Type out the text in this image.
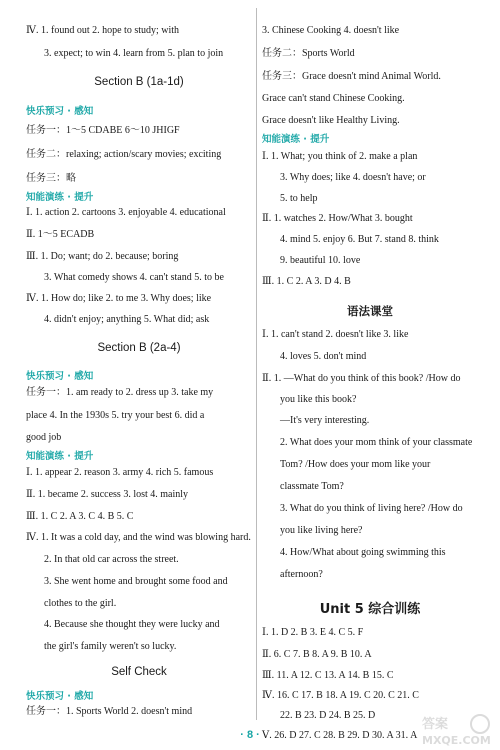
Ⅳ. 1. found out 2. hope to study; with
3. expect; to win 4. learn from 5. plan to join
Section B (1a-1d)
快乐预习 · 感知
任务一：1～5 CDABE 6～10 JHIGF
任务二：relaxing; action/scary movies; exciting
任务三：略
知能演练 · 提升
Ⅰ. 1. action 2. cartoons 3. enjoyable 4. educational
Ⅱ. 1～5 ECADB
Ⅲ. 1. Do; want; do 2. because; boring
3. What comedy shows 4. can't stand 5. to be
Ⅳ. 1. How do; like 2. to me 3. Why does; like
4. didn't enjoy; anything 5. What did; ask
Section B (2a-4)
快乐预习 · 感知
任务一：1. am ready to 2. dress up 3. take my
place 4. In the 1930s 5. try your best 6. did a
good job
知能演练 · 提升
Ⅰ. 1. appear 2. reason 3. army 4. rich 5. famous
Ⅱ. 1. became 2. success 3. lost 4. mainly
Ⅲ. 1. C 2. A 3. C 4. B 5. C
Ⅳ. 1. It was a cold day, and the wind was blowing hard.
2. In that old car across the street.
3. She went home and brought some food and
clothes to the girl.
4. Because she thought they were lucky and
the girl's family weren't so lucky.
Self Check
快乐预习 · 感知
任务一：1. Sports World 2. doesn't mind
3. Chinese Cooking 4. doesn't like
任务二：Sports World
任务三：Grace doesn't mind Animal World.
Grace can't stand Chinese Cooking.
Grace doesn't like Healthy Living.
知能演练 · 提升
Ⅰ. 1. What; you think of 2. make a plan
3. Why does; like 4. doesn't have; or
5. to help
Ⅱ. 1. watches 2. How/What 3. bought
4. mind 5. enjoy 6. But 7. stand 8. think
9. beautiful 10. love
Ⅲ. 1. C 2. A 3. D 4. B
语法课堂
Ⅰ. 1. can't stand 2. doesn't like 3. like
4. loves 5. don't mind
Ⅱ. 1. —What do you think of this book? /How do
you like this book?
—It's very interesting.
2. What does your mom think of your classmate
Tom? /How does your mom like your
classmate Tom?
3. What do you think of living here? /How do
you like living here?
4. How/What about going swimming this
afternoon?
Unit 5 综合训练
Ⅰ. 1. D 2. B 3. E 4. C 5. F
Ⅱ. 6. C 7. B 8. A 9. B 10. A
Ⅲ. 11. A 12. C 13. A 14. B 15. C
Ⅳ. 16. C 17. B 18. A 19. C 20. C 21. C
22. B 23. D 24. B 25. D
Ⅴ. 26. D 27. C 28. B 29. D 30. A 31. A
· 8 ·
答案
MXQE.COM
